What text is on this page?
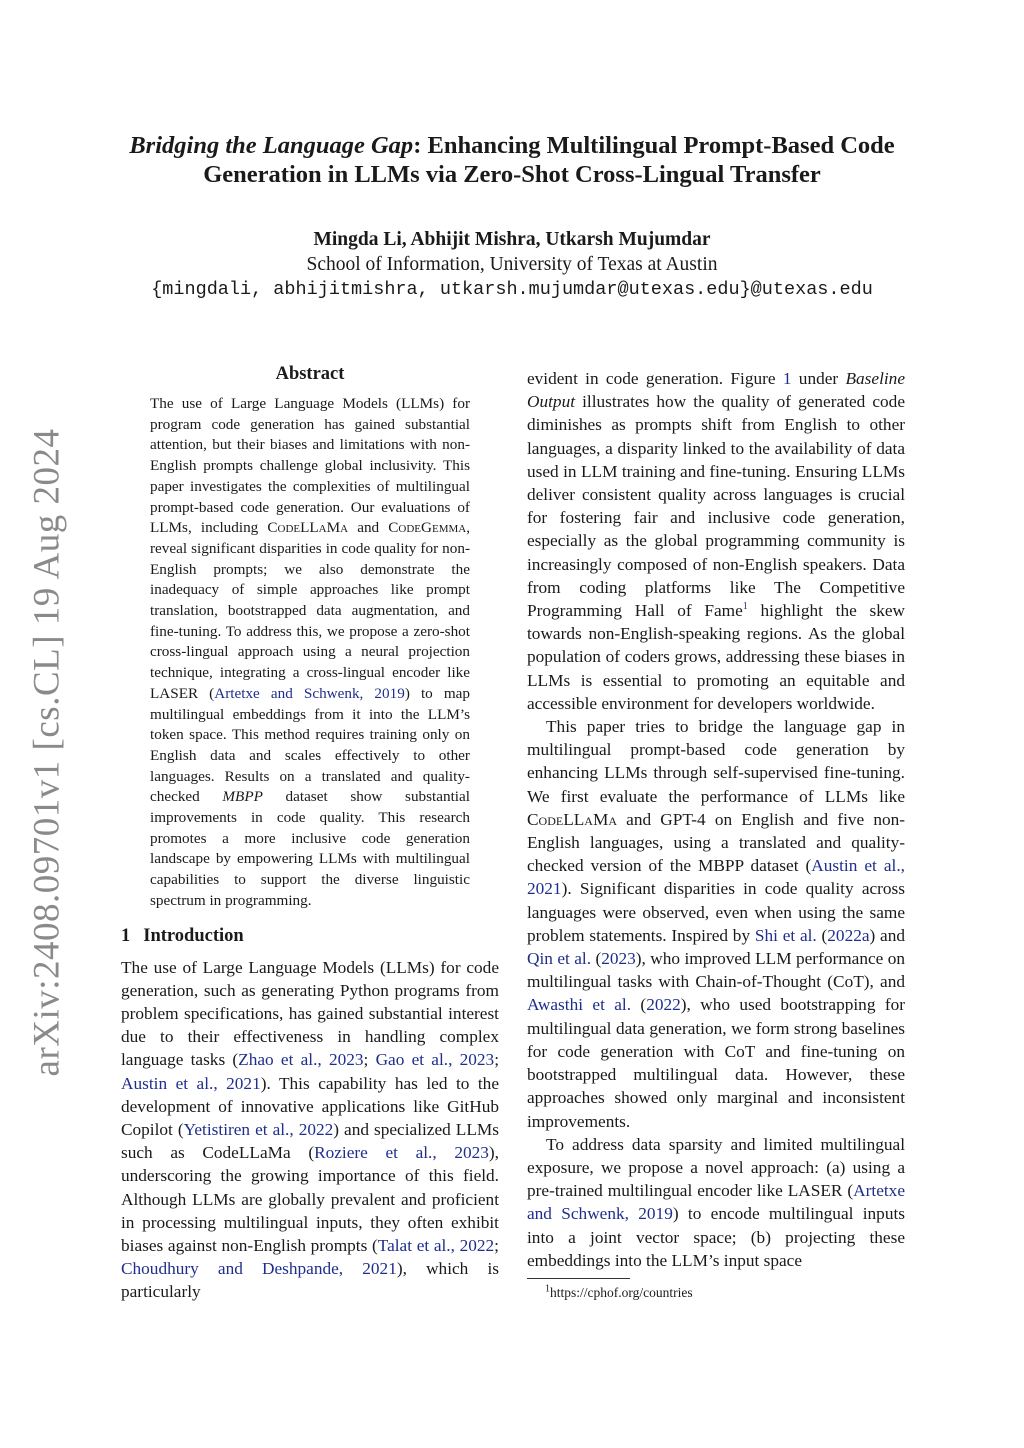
arXiv:2408.09701v1 [cs.CL] 19 Aug 2024
Bridging the Language Gap: Enhancing Multilingual Prompt-Based Code Generation in LLMs via Zero-Shot Cross-Lingual Transfer
Mingda Li, Abhijit Mishra, Utkarsh Mujumdar
School of Information, University of Texas at Austin
{mingdali, abhijitmishra, utkarsh.mujumdar@utexas.edu}@utexas.edu
Abstract
The use of Large Language Models (LLMs) for program code generation has gained substantial attention, but their biases and limitations with non-English prompts challenge global inclusivity. This paper investigates the complexities of multilingual prompt-based code generation. Our evaluations of LLMs, including CodeLLaMa and CodeGemma, reveal significant disparities in code quality for non-English prompts; we also demonstrate the inadequacy of simple approaches like prompt translation, bootstrapped data augmentation, and fine-tuning. To address this, we propose a zero-shot cross-lingual approach using a neural projection technique, integrating a cross-lingual encoder like LASER (Artetxe and Schwenk, 2019) to map multilingual embeddings from it into the LLM’s token space. This method requires training only on English data and scales effectively to other languages. Results on a translated and quality-checked MBPP dataset show substantial improvements in code quality. This research promotes a more inclusive code generation landscape by empowering LLMs with multilingual capabilities to support the diverse linguistic spectrum in programming.
1 Introduction

The use of Large Language Models (LLMs) for code generation, such as generating Python programs from problem specifications, has gained substantial interest due to their effectiveness in handling complex language tasks (Zhao et al., 2023; Gao et al., 2023; Austin et al., 2021). This capability has led to the development of innovative applications like GitHub Copilot (Yetistiren et al., 2022) and specialized LLMs such as CodeLLaMa (Roziere et al., 2023), underscoring the growing importance of this field. Although LLMs are globally prevalent and proficient in processing multilingual inputs, they often exhibit biases against non-English prompts (Talat et al., 2022; Choudhury and Deshpande, 2021), which is particularly

evident in code generation. Figure 1 under Baseline Output illustrates how the quality of generated code diminishes as prompts shift from English to other languages, a disparity linked to the availability of data used in LLM training and fine-tuning. Ensuring LLMs deliver consistent quality across languages is crucial for fostering fair and inclusive code generation, especially as the global programming community is increasingly composed of non-English speakers. Data from coding platforms like The Competitive Programming Hall of Fame$^1$ highlight the skew towards non-English-speaking regions. As the global population of coders grows, addressing these biases in LLMs is essential to promoting an equitable and accessible environment for developers worldwide.

This paper tries to bridge the language gap in multilingual prompt-based code generation by enhancing LLMs through self-supervised fine-tuning. We first evaluate the performance of LLMs like CodeLLaMa and GPT-4 on English and five non-English languages, using a translated and quality-checked version of the MBPP dataset (Austin et al., 2021). Significant disparities in code quality across languages were observed, even when using the same problem statements. Inspired by Shi et al. (2022a) and Qin et al. (2023), who improved LLM performance on multilingual tasks with Chain-of-Thought (CoT), and Awasthi et al. (2022), who used bootstrapping for multilingual data generation, we form strong baselines for code generation with CoT and fine-tuning on bootstrapped multilingual data. However, these approaches showed only marginal and inconsistent improvements.

To address data sparsity and limited multilingual exposure, we propose a novel approach: (a) using a pre-trained multilingual encoder like LASER (Artetxe and Schwenk, 2019) to encode multilingual inputs into a joint vector space; (b) projecting these embeddings into the LLM’s input space

$^1$https://cphof.org/countries
